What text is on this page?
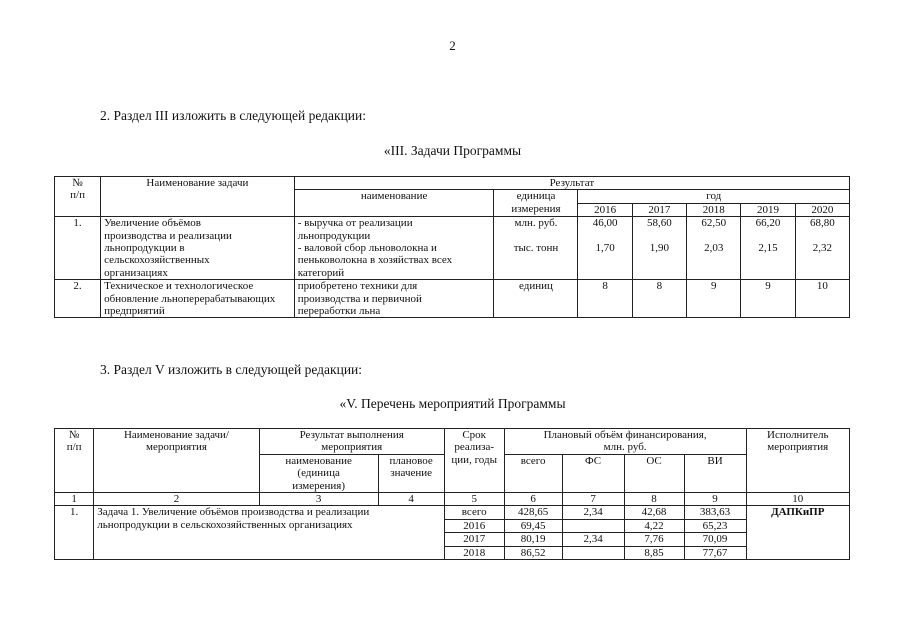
2
2. Раздел III изложить в следующей редакции:
«III. Задачи Программы
№
п/п	Наименование задачи	Результат						
		наименование	единица
измерения	год				
				2016	2017	2018	2019	2020
1.	Увеличение объёмов
производства и реализации
льнопродукции в
сельскохозяйственных
организациях	- выручка от реализации
льнопродукции	млн. руб.	46,00	58,60	62,50	66,20	68,80
		- валовой сбор льноволокна и
пеньковолокна в хозяйствах всех
категорий	тыс. тонн	1,70	1,90	2,03	2,15	2,32
2.	Техническое и технологическое
обновление льноперерабатывающих
предприятий	приобретено техники для
производства и первичной
переработки льна	единиц	8	8	9	9	10
3. Раздел V изложить в следующей редакции:
«V. Перечень мероприятий Программы
№
п/п	Наименование задачи/
мероприятия	Результат выполнения
мероприятия		Срок
реализа-
ции, годы	Плановый объём финансирования,
млн. руб.				Исполнитель
мероприятия
		наименование
(единица
измерения)	плановое
значение		всего	ФС	ОС	ВИ	
1	2	3	4	5	6	7	8	9	10
1.	Задача 1. Увеличение объёмов производства и реализации
льнопродукции в сельскохозяйственных организациях			всего	428,65	2,34	42,68	383,63	ДАПКиПР
				2016	69,45		4,22	65,23	
				2017	80,19	2,34	7,76	70,09	
				2018	86,52		8,85	77,67	
